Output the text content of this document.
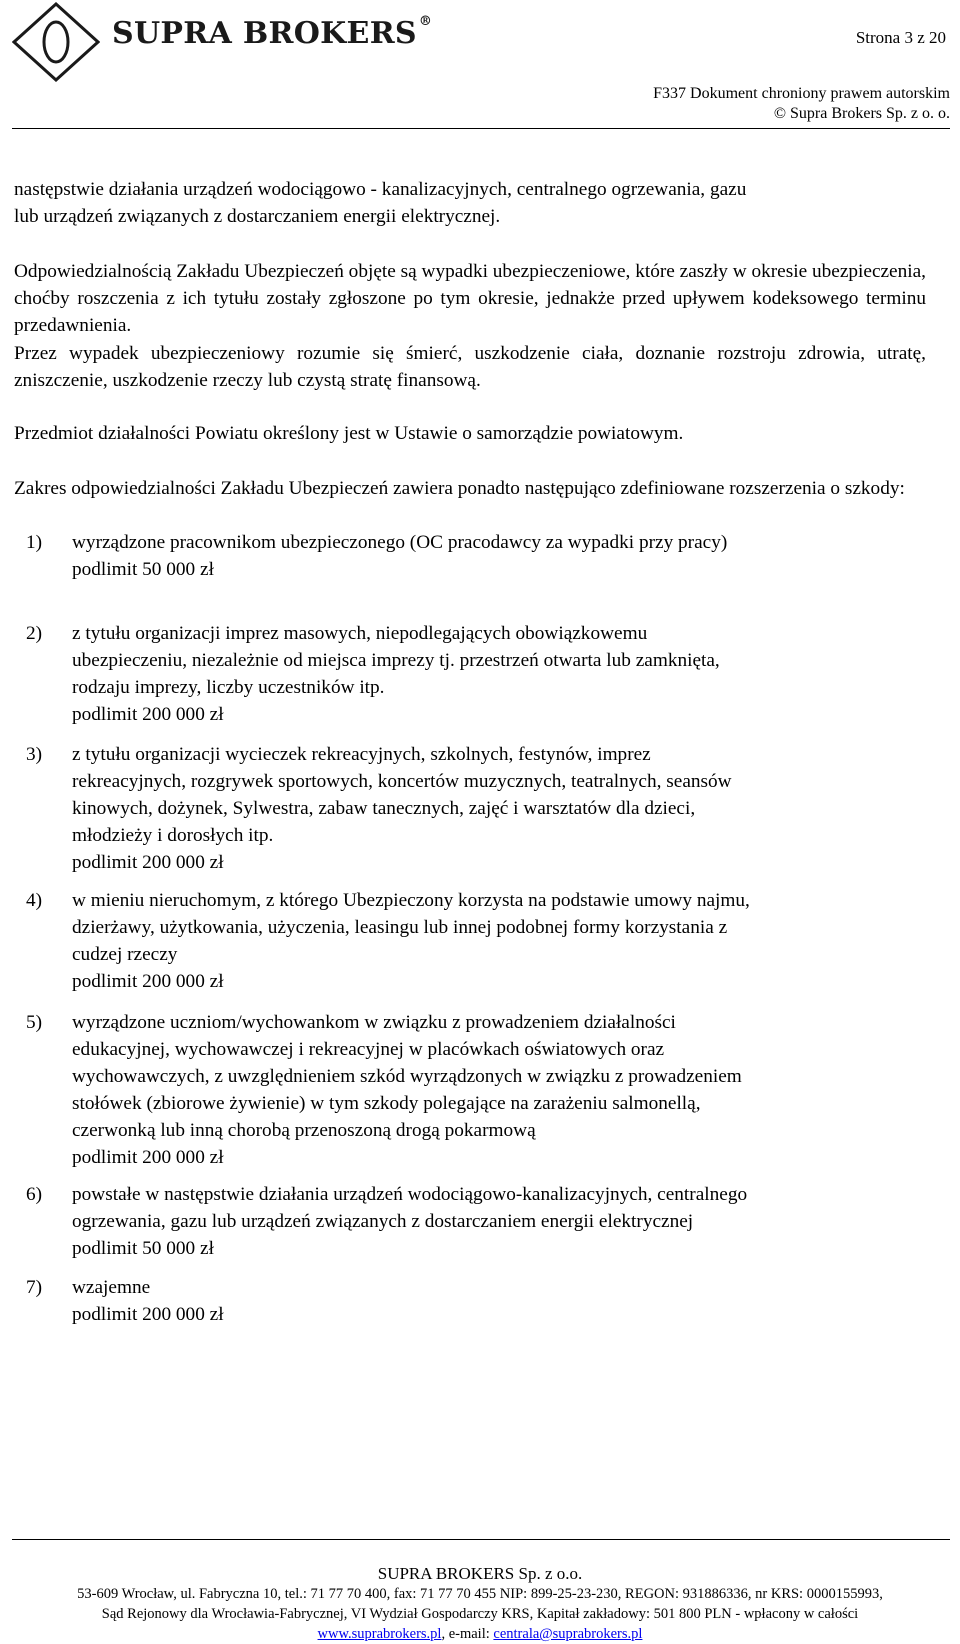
SUPRA BROKERS ®
Strona 3 z 20
F337 Dokument chroniony prawem autorskim
© Supra Brokers Sp. z o. o.
następstwie działania urządzeń wodociągowo - kanalizacyjnych, centralnego ogrzewania, gazu
lub urządzeń związanych z dostarczaniem energii elektrycznej.
Odpowiedzialnością Zakładu Ubezpieczeń objęte są wypadki ubezpieczeniowe, które zaszły w okresie ubezpieczenia, choćby roszczenia z ich tytułu zostały zgłoszone po tym okresie, jednakże przed upływem kodeksowego terminu przedawnienia.
Przez wypadek ubezpieczeniowy rozumie się śmierć, uszkodzenie ciała, doznanie rozstroju zdrowia, utratę, zniszczenie, uszkodzenie rzeczy lub czystą stratę finansową.
Przedmiot działalności Powiatu określony jest w Ustawie o samorządzie powiatowym.
Zakres odpowiedzialności Zakładu Ubezpieczeń zawiera ponadto następująco zdefiniowane rozszerzenia o szkody:
1) wyrządzone pracownikom ubezpieczonego (OC pracodawcy za wypadki przy pracy)
podlimit 50 000 zł
2) z tytułu organizacji imprez masowych, niepodlegających obowiązkowemu
ubezpieczeniu, niezależnie od miejsca imprezy tj. przestrzeń otwarta lub zamknięta,
rodzaju imprezy, liczby uczestników itp.
podlimit 200 000 zł
3) z tytułu organizacji wycieczek rekreacyjnych, szkolnych, festynów, imprez
rekreacyjnych, rozgrywek sportowych, koncertów muzycznych, teatralnych, seansów
kinowych, dożynek, Sylwestra, zabaw tanecznych, zajęć i warsztatów dla dzieci,
młodzieży i dorosłych itp.
podlimit 200 000 zł
4) w mieniu nieruchomym, z którego Ubezpieczony korzysta na podstawie umowy najmu,
dzierżawy, użytkowania, użyczenia, leasingu lub innej podobnej formy korzystania z
cudzej rzeczy
podlimit 200 000 zł
5) wyrządzone uczniom/wychowankom w związku z prowadzeniem działalności
edukacyjnej, wychowawczej i rekreacyjnej w placówkach oświatowych oraz
wychowawczych, z uwzględnieniem szkód wyrządzonych w związku z prowadzeniem
stołówek (zbiorowe żywienie) w tym szkody polegające na zarażeniu salmonellą,
czerwonką lub inną chorobą przenoszoną drogą pokarmową
podlimit 200 000 zł
6) powstałe w następstwie działania urządzeń wodociągowo-kanalizacyjnych, centralnego
ogrzewania, gazu lub urządzeń związanych z dostarczaniem energii elektrycznej
podlimit 50 000 zł
7) wzajemne
podlimit 200 000 zł
SUPRA BROKERS Sp. z o.o.
53-609 Wrocław, ul. Fabryczna 10, tel.: 71 77 70 400, fax: 71 77 70 455 NIP: 899-25-23-230, REGON: 931886336, nr KRS: 0000155993,
Sąd Rejonowy dla Wrocławia-Fabrycznej, VI Wydział Gospodarczy KRS, Kapitał zakładowy: 501 800 PLN - wpłacony w całości
www.suprabrokers.pl, e-mail: centrala@suprabrokers.pl
